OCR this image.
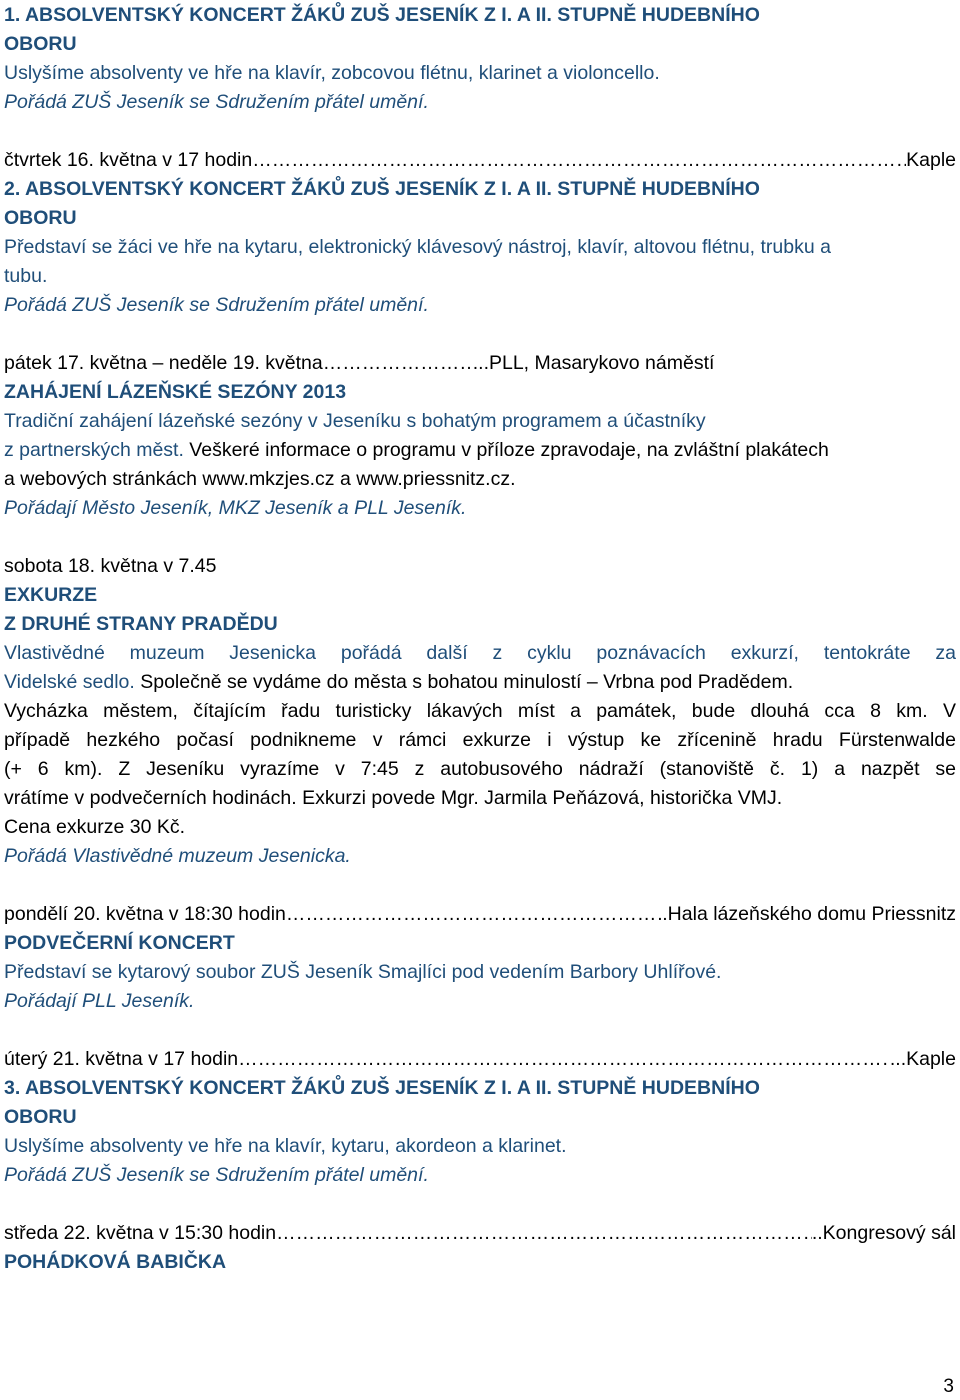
1. ABSOLVENTSKÝ KONCERT ŽÁKŮ ZUŠ JESENÍK Z I. A II. STUPNĚ HUDEBNÍHO

OBORU

Uslyšíme absolventy ve hře na klavír, zobcovou flétnu, klarinet a violoncello.

Pořádá ZUŠ Jeseník se Sdružením přátel umění.

čtvrtek 16. května v 17 hodin ………………………………………………………………………………………………………………………………………………………………………………	Kaple

2. ABSOLVENTSKÝ KONCERT ŽÁKŮ ZUŠ JESENÍK Z I. A II. STUPNĚ HUDEBNÍHO

OBORU

Představí se žáci ve hře na kytaru, elektronický klávesový nástroj, klavír, altovou flétnu, trubku a

tubu.

Pořádá ZUŠ Jeseník se Sdružením přátel umění.

pátek 17. května – neděle 19. května ………………………………………………………………………………………………………………………………………………………………………………	...PLL, Masarykovo náměstí

ZAHÁJENÍ LÁZEŇSKÉ SEZÓNY 2013

Tradiční zahájení lázeňské sezóny v Jeseníku s bohatým programem a účastníky

z partnerských měst. Veškeré informace o programu v příloze zpravodaje, na zvláštní plakátech

a webových stránkách www.mkzjes.cz a www.priessnitz.cz.

Pořádají Město Jeseník, MKZ Jeseník a PLL Jeseník.

sobota 18. května v 7.45

EXKURZE

Z DRUHÉ STRANY PRADĚDU

Vlastivědné muzeum Jesenicka pořádá další z cyklu poznávacích exkurzí, tentokráte za

Videlské sedlo. Společně se vydáme do města s bohatou minulostí – Vrbna pod Pradědem.

Vycházka městem, čítajícím řadu turisticky lákavých míst a památek, bude dlouhá cca 8 km. V

případě hezkého počasí podnikneme v rámci exkurze i výstup ke zřícenině hradu Fürstenwalde

(+ 6 km). Z Jeseníku vyrazíme v 7:45 z autobusového nádraží (stanoviště č. 1) a nazpět se

vrátíme v podvečerních hodinách. Exkurzi povede Mgr. Jarmila Peňázová, historička VMJ.

Cena exkurze 30 Kč.

Pořádá Vlastivědné muzeum Jesenicka.

pondělí 20. května v 18:30 hodin ………………………………………………………………………………………………………………………………………………………………………………	.Hala lázeňského domu Priessnitz

PODVEČERNÍ KONCERT

Představí se kytarový soubor ZUŠ Jeseník Smajlíci pod vedením Barbory Uhlířové.

Pořádají PLL Jeseník.

úterý 21. května v 17 hodin ………………………………………………………………………………………………………………………………………………………………………………	...Kaple

3. ABSOLVENTSKÝ KONCERT ŽÁKŮ ZUŠ JESENÍK Z I. A II. STUPNĚ HUDEBNÍHO

OBORU

Uslyšíme absolventy ve hře na klavír, kytaru, akordeon a klarinet.

Pořádá ZUŠ Jeseník se Sdružením přátel umění.

středa 22. května v 15:30 hodin ………………………………………………………………………………………………………………………………………………………………………………	..Kongresový sál

POHÁDKOVÁ BABIČKA

3
